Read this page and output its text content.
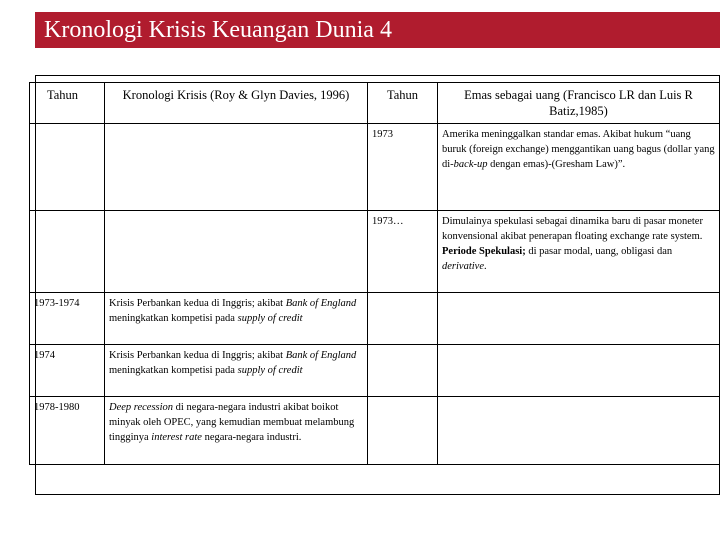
Kronologi Krisis Keuangan Dunia 4
Tahun	Kronologi Krisis (Roy & Glyn Davies, 1996)	Tahun	Emas sebagai uang (Francisco LR dan Luis R Batiz,1985)
		1973	Amerika meninggalkan standar emas. Akibat hukum “uang buruk (foreign exchange) menggantikan uang bagus (dollar yang di-back-up dengan emas)-(Gresham Law)”.
		1973…	Dimulainya spekulasi sebagai dinamika baru di pasar moneter konvensional akibat penerapan floating exchange rate system. Periode Spekulasi; di pasar modal, uang, obligasi dan derivative.
1973-1974	Krisis Perbankan kedua di Inggris; akibat Bank of England meningkatkan kompetisi pada supply of credit		
1974	Krisis Perbankan kedua di Inggris; akibat Bank of England meningkatkan kompetisi pada supply of credit		
1978-1980	Deep recession di negara-negara industri akibat boikot minyak oleh OPEC, yang kemudian membuat melambung tingginya interest rate negara-negara industri.		
